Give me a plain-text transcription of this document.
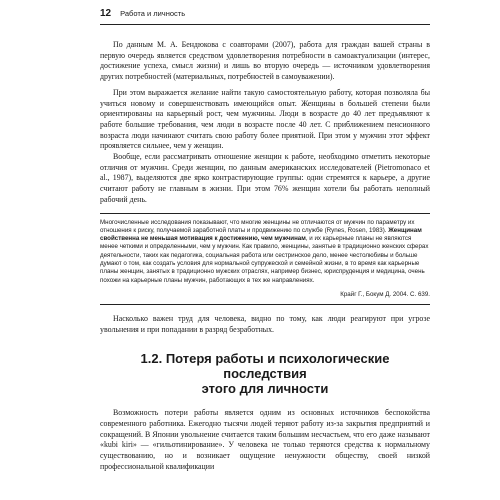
12 Работа и личность

По данным М. А. Бендюкова с соавторами (2007), работа для граждан вашей страны в первую очередь является средством удовлетворения потребности в самоактуализации (интерес, достижение успеха, смысл жизни) и лишь во вторую очередь — источником удовлетворения других потребностей (материальных, потребностей в самоуважении).

При этом выражается желание найти такую самостоятельную работу, которая позволяла бы учиться новому и совершенствовать имеющийся опыт. Женщины в большей степени были ориентированы на карьерный рост, чем мужчины. Люди в возрасте до 40 лет предъявляют к работе большие требования, чем люди в возрасте после 40 лет. С приближением пенсионного возраста люди начинают считать свою работу более приятной. При этом у мужчин этот эффект проявляется сильнее, чем у женщин.

Вообще, если рассматривать отношение женщин к работе, необходимо отметить некоторые отличия от мужчин. Среди женщин, по данным американских исследователей (Pietromonaco et al., 1987), выделяются две ярко контрастирующие группы: одни стремятся к карьере, а другие считают работу не главным в жизни. При этом 76% женщин хотели бы работать неполный рабочий день.

Многочисленные исследования показывают, что многие женщины не отличаются от мужчин по параметру их отношения к риску, получаемой заработной платы и продвижению по службе (Rynes, Rosen, 1983). Женщинам свойственна не меньшая мотивация к достижению, чем мужчинам, и их карьерные планы не являются менее четкими и определенными, чем у мужчин. Как правило, женщины, занятые в традиционно женских сферах деятельности, таких как педагогика, социальная работа или сестринское дело, менее честолюбивы и больше думают о том, как создать условия для нормальной супружеской и семейной жизни, в то время как карьерные планы женщин, занятых в традиционно мужских отраслях, например бизнес, юриспруденция и медицина, очень похожи на карьерные планы мужчин, работающих в тех же направлениях.

Крайг Г., Бокум Д. 2004. С. 639.

Насколько важен труд для человека, видно по тому, как люди реагируют при угрозе увольнения и при попадании в разряд безработных.

1.2. Потеря работы и психологические последствия
этого для личности

Возможность потери работы является одним из основных источников беспокойства современного работника. Ежегодно тысячи людей теряют работу из-за закрытия предприятий и сокращений. В Японии увольнение считается таким большим несчастьем, что его даже называют «kubi kiri» — «гильотинирование». У человека не только теряются средства к нормальному существованию, но и возникает ощущение ненужности обществу, своей низкой профессиональной квалификации
